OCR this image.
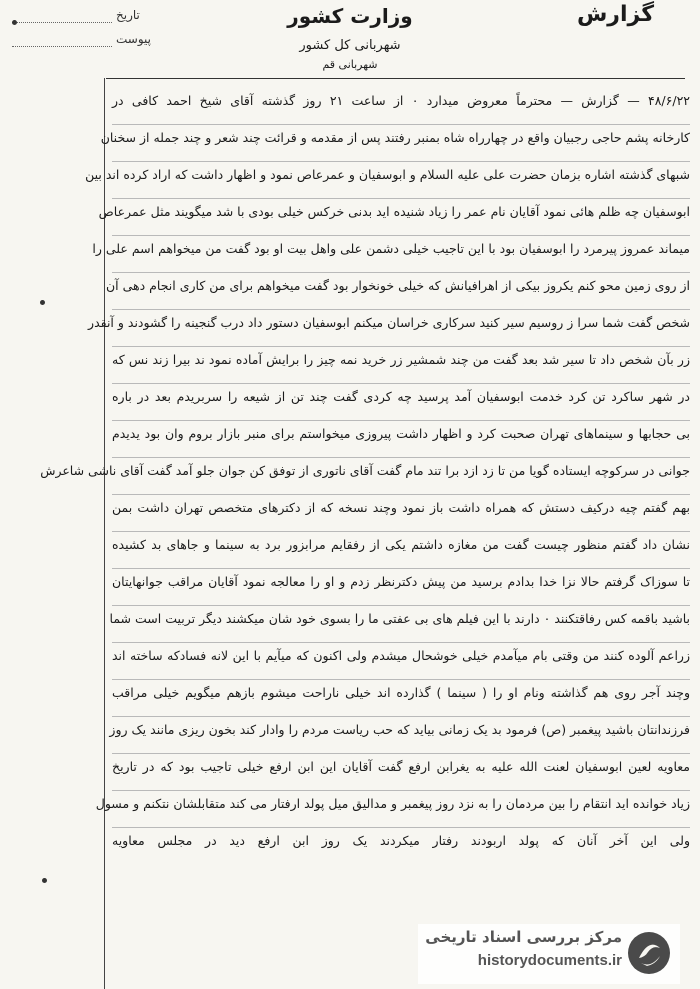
گزارش
وزارت کشور
شهربانی کل کشور
شهربانی قم
تاریخ
پیوست
۴۸/۶/۲۲ — گزارش — محترماً معروض میدارد ۰ از ساعت ۲۱ روز گذشته آقای شیخ احمد کافی در
کارخانه پشم حاجی رجبیان واقع در چهارراه شاه بمنبر رفتند پس از مقدمه و قرائت چند شعر و چند جمله از سخنان
شبهای گذشته اشاره بزمان حضرت علی علیه السلام و ابوسفیان و عمرعاص نمود و اظهار داشت که اراد کرده اند بین
ابوسفیان چه ظلم هائی نمود آقایان نام عمر را زیاد شنیده اید بدنی خرکس خیلی بودی با شد میگویند مثل عمرعاص
میماند عمروز پیرمرد را ابوسفیان بود با این تاجیب خیلی دشمن علی واهل بیت او بود گفت من میخواهم اسم علی را
از روی زمین محو کنم یکروز بیکی از اهرافیانش که خیلی خونخوار بود گفت میخواهم برای من کاری انجام دهی آن
شخص گفت شما سرا ز روسیم سیر کنید سرکاری خراسان میکنم ابوسفیان دستور داد درب گنجینه را گشودند و آنقدر
زر بآن شخص داد تا سیر شد بعد گفت من چند شمشیر زر خرید نمه چیز را برایش آماده نمود ند بیرا زند نس که
در شهر ساکرد تن کرد خدمت ابوسفیان آمد پرسید چه کردی گفت چند تن از شیعه را سربریدم بعد در باره
بی حجابها و سینماهای تهران صحبت کرد و اظهار داشت پیروزی میخواستم برای منبر بازار بروم وان بود یدیدم
جوانی در سرکوچه ایستاده گویا من تا زد ازد برا تند مام گفت آقای ناتوری از توفق کن جوان جلو آمد گفت آقای ناشی شاعرش
بهم گفتم چیه درکیف دستش که همراه داشت باز نمود وچند نسخه که از دکترهای متخصص تهران داشت بمن
نشان داد گفتم منظور چیست گفت من مغازه داشتم یکی از رفقایم مرابزور برد به سینما و جاهای بد کشیده
تا سوزاک گرفتم حالا نزا خدا بدادم برسید من پیش دکترنظر زدم و او را معالجه نمود آقایان مراقب جوانهایتان
باشید باقمه کس رفاقتکنند ۰ دارند با این فیلم های بی عفتی ما را بسوی خود شان میکشند دیگر تربیت است شما
زراعم آلوده کنند من وقتی بام میآمدم خیلی خوشحال میشدم ولی اکنون که میآیم با این لانه فسادکه ساخته اند
وچند آجر روی هم گذاشته ونام او را ( سینما ) گذارده اند خیلی ناراحت میشوم بازهم میگویم خیلی مراقب
فرزندانتان باشید پیغمبر (ص) فرمود بد یک زمانی بیاید که حب ریاست مردم را وادار کند بخون ریزی مانند یک روز
معاویه لعین ابوسفیان لعنت الله علیه به یغرابن ارفع گفت آقایان این ابن ارفع خیلی تاجیب بود که در تاریخ
زیاد خوانده اید انتقام را بین مردمان را به نزد روز پیغمبر و مدالیق میل پولد ارفتار می کند متقابلشان نتکنم و مسول
ولی این آخر آنان که پولد اربودند رفتار میکردند یک روز ابن ارفع دید در مجلس معاویه
مرکز بررسی اسناد تاریخی
historydocuments.ir
